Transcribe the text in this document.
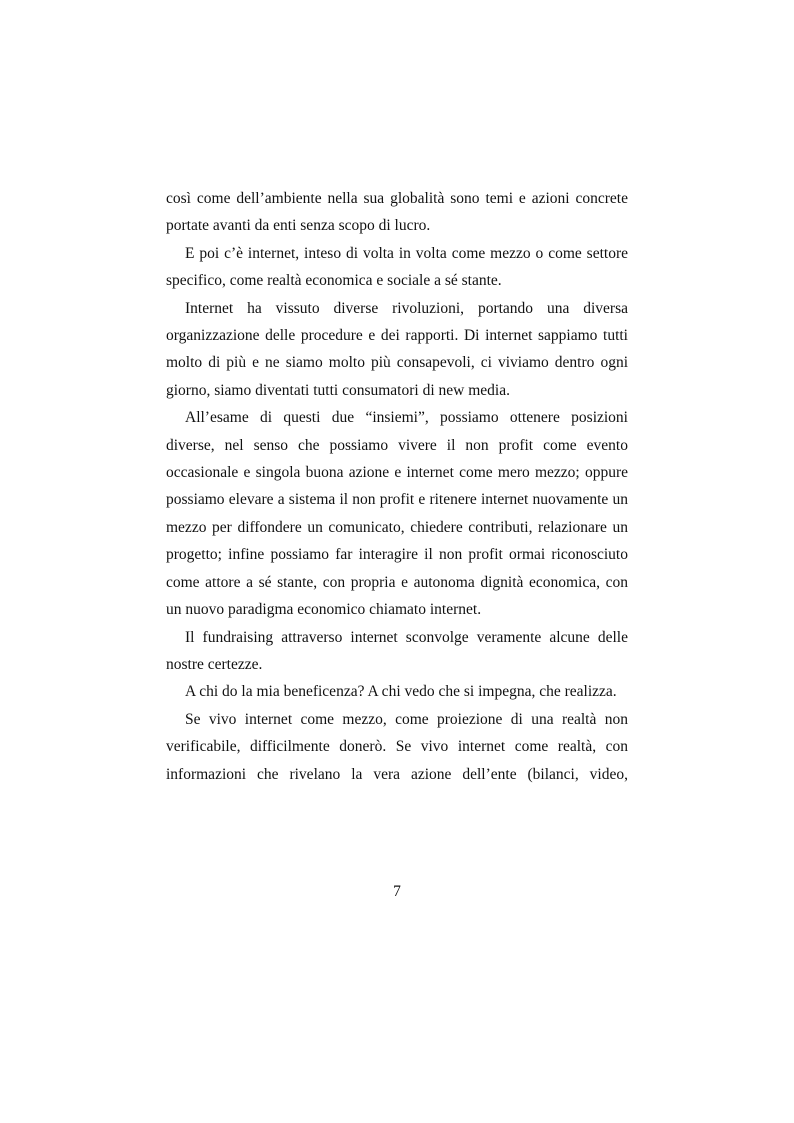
così come dell’ambiente nella sua globalità sono temi e azioni concrete portate avanti da enti senza scopo di lucro.

E poi c’è internet, inteso di volta in volta come mezzo o come settore specifico, come realtà economica e sociale a sé stante.

Internet ha vissuto diverse rivoluzioni, portando una diversa organizzazione delle procedure e dei rapporti. Di internet sappiamo tutti molto di più e ne siamo molto più consapevoli, ci viviamo dentro ogni giorno, siamo diventati tutti consumatori di new media.

All’esame di questi due “insiemi”, possiamo ottenere posizioni diverse, nel senso che possiamo vivere il non profit come evento occasionale e singola buona azione e internet come mero mezzo; oppure possiamo elevare a sistema il non profit e ritenere internet nuovamente un mezzo per diffondere un comunicato, chiedere contributi, relazionare un progetto; infine possiamo far interagire il non profit ormai riconosciuto come attore a sé stante, con propria e autonoma dignità economica, con un nuovo paradigma economico chiamato internet.

Il fundraising attraverso internet sconvolge veramente alcune delle nostre certezze.

A chi do la mia beneficenza? A chi vedo che si impegna, che realizza.

Se vivo internet come mezzo, come proiezione di una realtà non verificabile, difficilmente donerò. Se vivo internet come realtà, con informazioni che rivelano la vera azione dell’ente (bilanci, video,

7
